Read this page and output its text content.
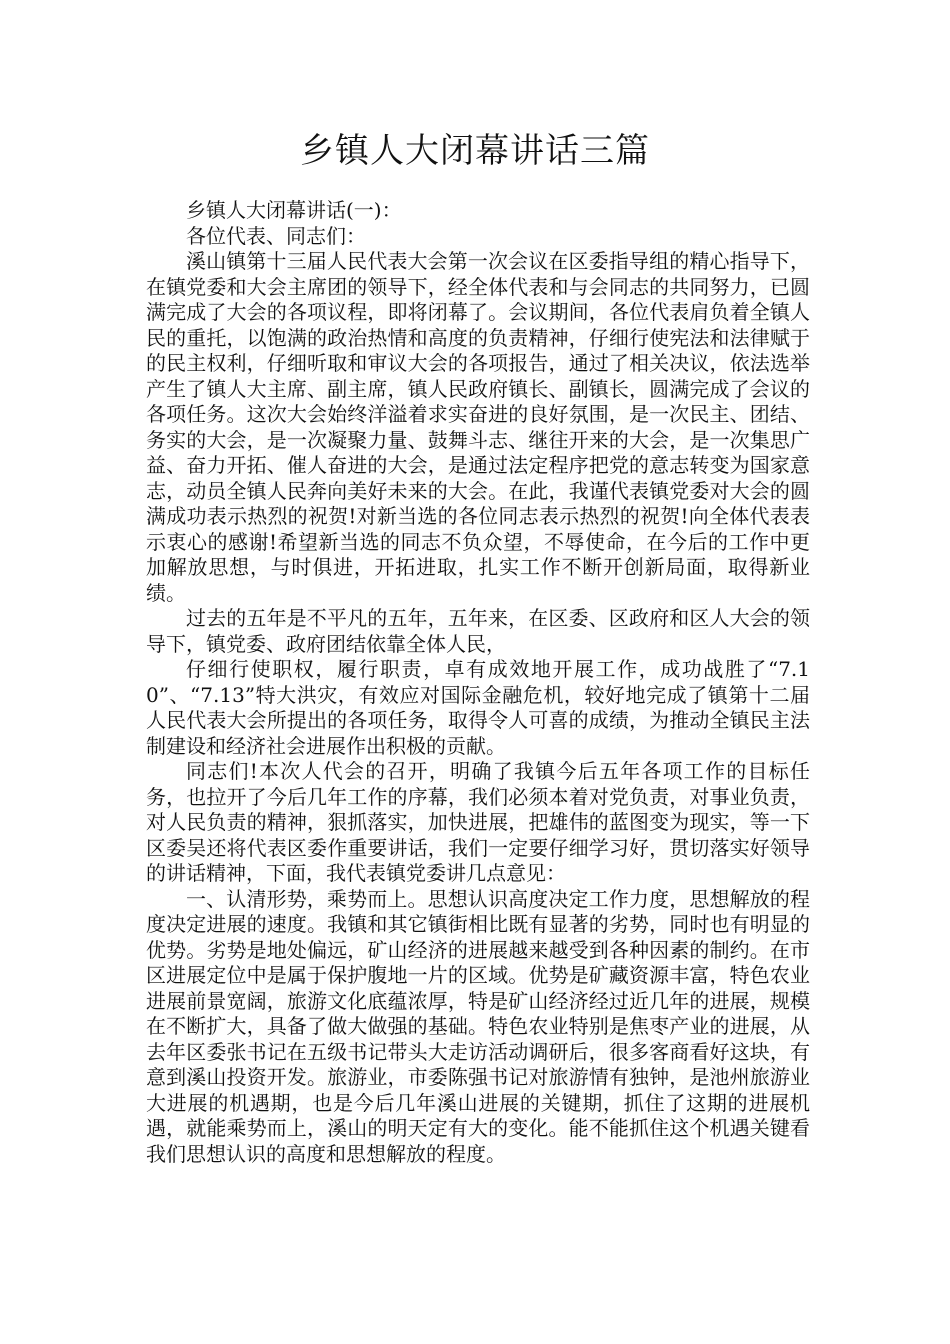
乡镇人大闭幕讲话三篇

乡镇人大闭幕讲话(一)：

各位代表、同志们：

溪山镇第十三届人民代表大会第一次会议在区委指导组的精心指导下，在镇党委和大会主席团的领导下，经全体代表和与会同志的共同努力，已圆满完成了大会的各项议程，即将闭幕了。会议期间，各位代表肩负着全镇人民的重托，以饱满的政治热情和高度的负责精神，仔细行使宪法和法律赋于的民主权利，仔细听取和审议大会的各项报告，通过了相关决议，依法选举产生了镇人大主席、副主席，镇人民政府镇长、副镇长，圆满完成了会议的各项任务。这次大会始终洋溢着求实奋进的良好氛围，是一次民主、团结、务实的大会，是一次凝聚力量、鼓舞斗志、继往开来的大会，是一次集思广益、奋力开拓、催人奋进的大会，是通过法定程序把党的意志转变为国家意志，动员全镇人民奔向美好未来的大会。在此，我谨代表镇党委对大会的圆满成功表示热烈的祝贺!对新当选的各位同志表示热烈的祝贺!向全体代表表示衷心的感谢!希望新当选的同志不负众望，不辱使命，在今后的工作中更加解放思想，与时俱进，开拓进取，扎实工作不断开创新局面，取得新业绩。

过去的五年是不平凡的五年，五年来，在区委、区政府和区人大会的领导下，镇党委、政府团结依靠全体人民，

仔细行使职权，履行职责，卓有成效地开展工作，成功战胜了“7.10”、“7.13”特大洪灾，有效应对国际金融危机，较好地完成了镇第十二届人民代表大会所提出的各项任务，取得令人可喜的成绩，为推动全镇民主法制建设和经济社会进展作出积极的贡献。

同志们!本次人代会的召开，明确了我镇今后五年各项工作的目标任务，也拉开了今后几年工作的序幕，我们必须本着对党负责，对事业负责，对人民负责的精神，狠抓落实，加快进展，把雄伟的蓝图变为现实，等一下区委吴还将代表区委作重要讲话，我们一定要仔细学习好，贯切落实好领导的讲话精神，下面，我代表镇党委讲几点意见：

一、认清形势，乘势而上。思想认识高度决定工作力度，思想解放的程度决定进展的速度。我镇和其它镇街相比既有显著的劣势，同时也有明显的优势。劣势是地处偏远，矿山经济的进展越来越受到各种因素的制约。在市区进展定位中是属于保护腹地一片的区域。优势是矿藏资源丰富，特色农业进展前景宽阔，旅游文化底蕴浓厚，特是矿山经济经过近几年的进展，规模在不断扩大，具备了做大做强的基础。特色农业特别是焦枣产业的进展，从去年区委张书记在五级书记带头大走访活动调研后，很多客商看好这块，有意到溪山投资开发。旅游业，市委陈强书记对旅游情有独钟，是池州旅游业大进展的机遇期，也是今后几年溪山进展的关键期，抓住了这期的进展机遇，就能乘势而上，溪山的明天定有大的变化。能不能抓住这个机遇关键看我们思想认识的高度和思想解放的程度。
